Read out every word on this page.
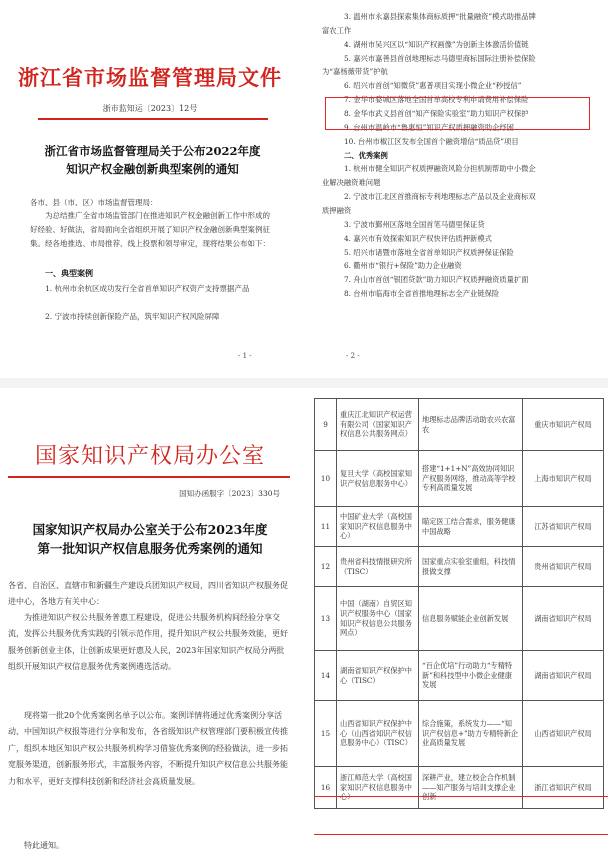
浙江省市场监督管理局文件
浙市监知运〔2023〕12号
浙江省市场监督管理局关于公布2022年度
知识产权金融创新典型案例的通知
各市、县（市、区）市场监督管理局：
为总结推广全省市场监管部门在推进知识产权金融创新工作中形成的好经验、好做法，省局面向全省组织开展了知识产权金融创新典型案例征集。经各地推选、市局推荐、线上投票和领导审定，现将结果公布如下：
一、典型案例
1. 杭州市余杭区成功发行全省首单知识产权资产支持票据产品
2. 宁波市持续创新保险产品，筑牢知识产权风险屏障
- 1 -
3. 温州市永嘉县探索集体商标质押“批量融资”模式助推品牌
富农工作
4. 湖州市吴兴区以“知识产权画像”为创新主体激活价值链
5. 嘉兴市嘉善县首创地理标志马德里商标国际注册补偿保险
为“嘉杨薇带货”护航
6. 绍兴市首创“知微贷”惠普项目实现小微企业“秒授信”
7. 金华市婺城区落地全国首单高校专利申请费用补偿保险
8. 金华市武义县首创“知产保险实验室”助力知识产权保护
9. 台州市温岭市“鲁惠恒”知识产权质押融资助企纾困
10. 台州市椒江区发布全国首个融资增信“质品贷”项目
二、优秀案例
1. 杭州市健全知识产权质押融资风险分担机制帮助中小微企
业解决融资难问题
2. 宁波市江北区首推商标专利地理标志产品以及企业商标双
质押融资
3. 宁波市鄞州区落地全国首笔马德里保证贷
4. 嘉兴市有效探索知识产权快评估质押新模式
5. 绍兴市诸暨市落地全省首单知识产权质押保证保险
6. 衢州市“银行+保险”助力企业融资
7. 舟山市首创“银团贷款”助力知识产权质押融资质量扩面
8. 台州市临海市全省首推地理标志全产业链保险
- 2 -
国家知识产权局办公室
国知办函服字〔2023〕330号
国家知识产权局办公室关于公布2023年度
第一批知识产权信息服务优秀案例的通知
各省、自治区、直辖市和新疆生产建设兵团知识产权局，四川省知识产权服务促进中心，各地方有关中心：
为推进知识产权公共服务普惠工程建设，促进公共服务机构间经验分享交流，发挥公共服务优秀实践的引领示范作用，提升知识产权公共服务效能，更好服务创新创业主体，让创新成果更好惠及人民，2023年国家知识产权局分两批组织开展知识产权信息服务优秀案例遴选活动。
现将第一批20个优秀案例名单予以公布。案例详情将通过优秀案例分享活动、中国知识产权报等进行分享和发布，各省级知识产权管理部门要积极宣传推广，组织本地区知识产权公共服务机构学习借鉴优秀案例的经验做法，进一步拓宽服务渠道，创新服务形式，丰富服务内容，不断提升知识产权信息公共服务能力和水平，更好支撑科技创新和经济社会高质量发展。
特此通知。
9	重庆江北知识产权运营有限公司（国家知识产权信息公共服务网点）	地理标志品牌活动助农兴农富农	重庆市知识产权局
10	复旦大学（高校国家知识产权信息服务中心）	搭建“1+1+N”高效协同知识产权服务网络，推动高等学校专利高质量发展	上海市知识产权局
11	中国矿业大学（高校国家知识产权信息服务中心）	瞄定医工结合需求，服务健康中国战略	江苏省知识产权局
12	贵州省科技情报研究所（TISC）	国家重点实验室重组，科技情报做支撑	贵州省知识产权局
13	中国（湖南）自贸区知识产权服务中心（国家知识产权信息公共服务网点）	信息服务赋能企业创新发展	湖南省知识产权局
14	湖南省知识产权保护中心（TISC）	“百企优培”行动助力“专精特新”和科技型中小微企业健康发展	湖南省知识产权局
15	山西省知识产权保护中心（山西省知识产权信息服务中心）（TISC）	综合施策，系统发力——“知识产权信息+”助力专精特新企业高质量发展	山西省知识产权局
16	浙江师范大学（高校国家知识产权信息服务中心）	深耕产业，建立校企合作机制——知产服务与培训支撑企业创新	浙江省知识产权局
